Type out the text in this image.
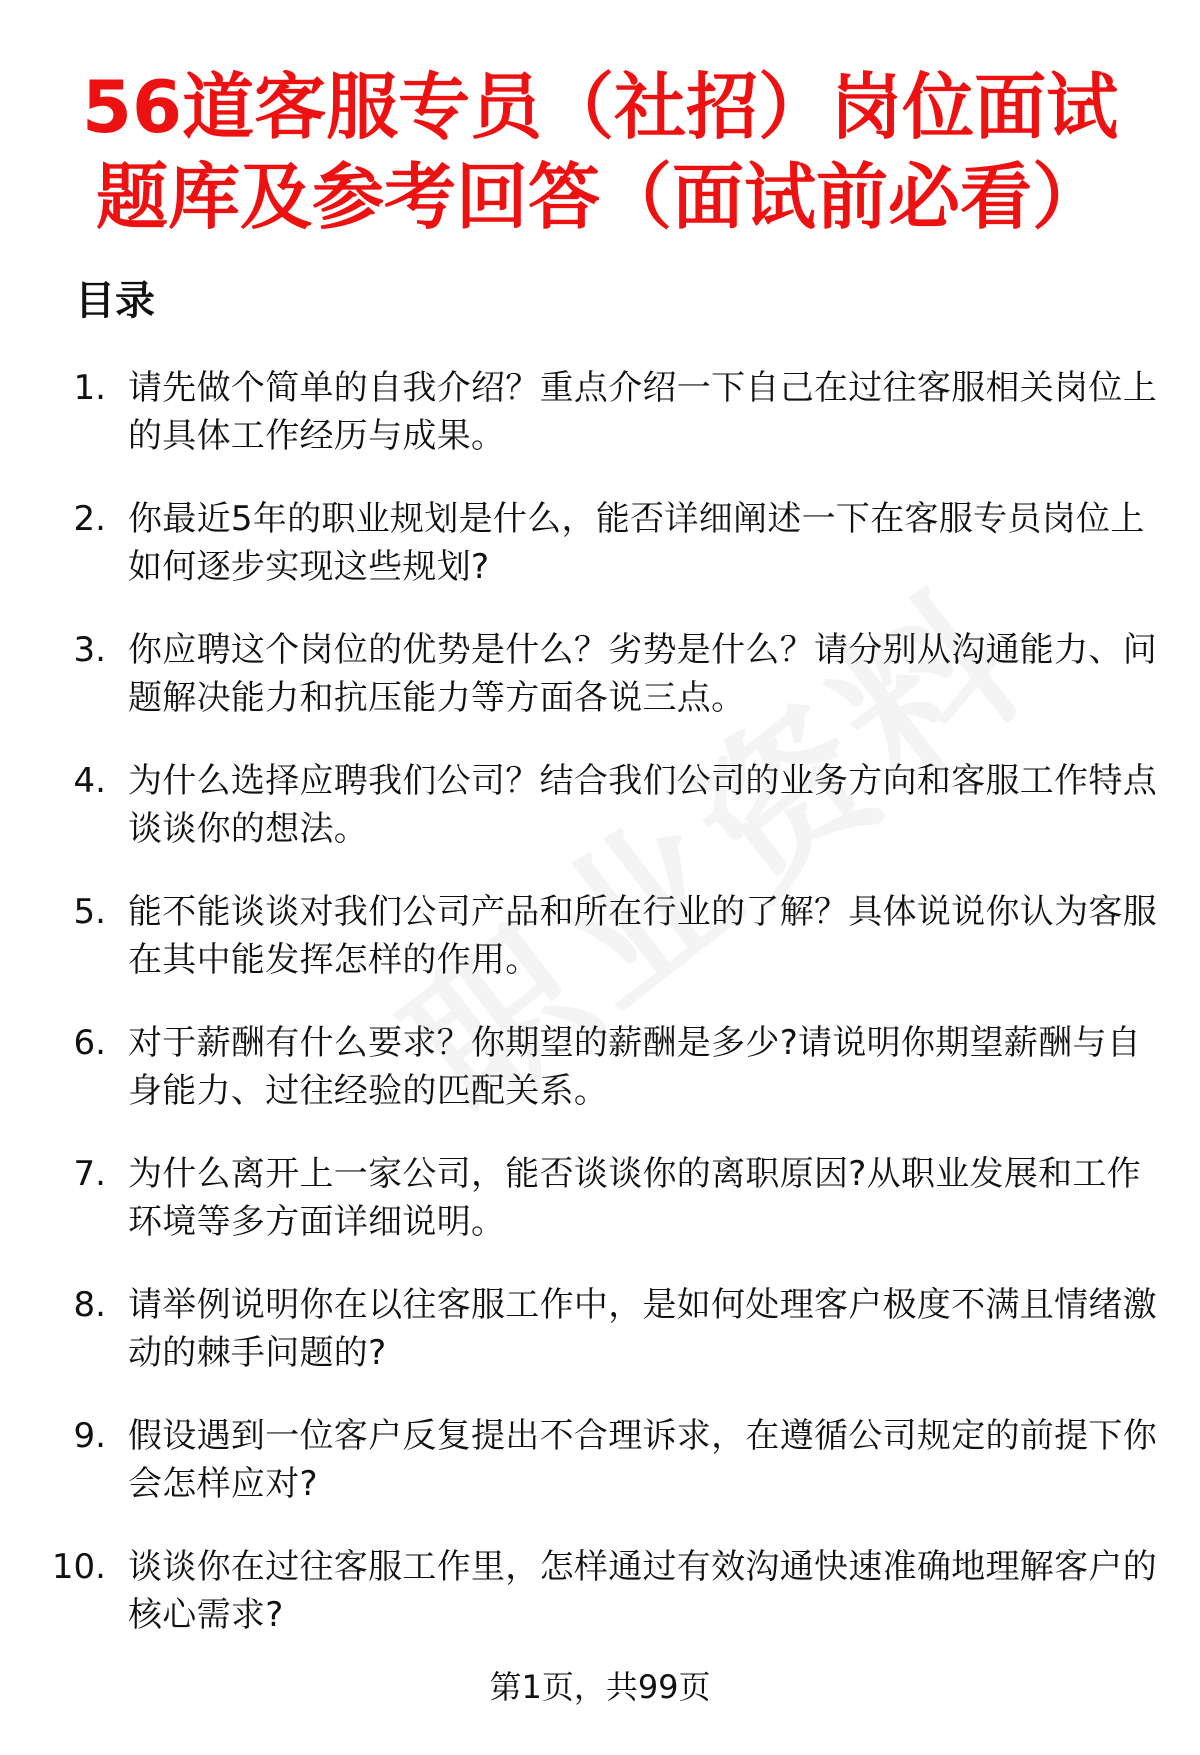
56道客服专员（社招）岗位面试题库及参考回答（面试前必看）
目录
1. 请先做个简单的自我介绍？重点介绍一下自己在过往客服相关岗位上的具体工作经历与成果。
2. 你最近5年的职业规划是什么，能否详细阐述一下在客服专员岗位上如何逐步实现这些规划?
3. 你应聘这个岗位的优势是什么？劣势是什么？请分别从沟通能力、问题解决能力和抗压能力等方面各说三点。
4. 为什么选择应聘我们公司？结合我们公司的业务方向和客服工作特点谈谈你的想法。
5. 能不能谈谈对我们公司产品和所在行业的了解？具体说说你认为客服在其中能发挥怎样的作用。
6. 对于薪酬有什么要求？你期望的薪酬是多少?请说明你期望薪酬与自身能力、过往经验的匹配关系。
7. 为什么离开上一家公司，能否谈谈你的离职原因?从职业发展和工作环境等多方面详细说明。
8. 请举例说明你在以往客服工作中，是如何处理客户极度不满且情绪激动的棘手问题的?
9. 假设遇到一位客户反复提出不合理诉求，在遵循公司规定的前提下你会怎样应对?
10. 谈谈你在过往客服工作里，怎样通过有效沟通快速准确地理解客户的核心需求?
第1页，共99页
